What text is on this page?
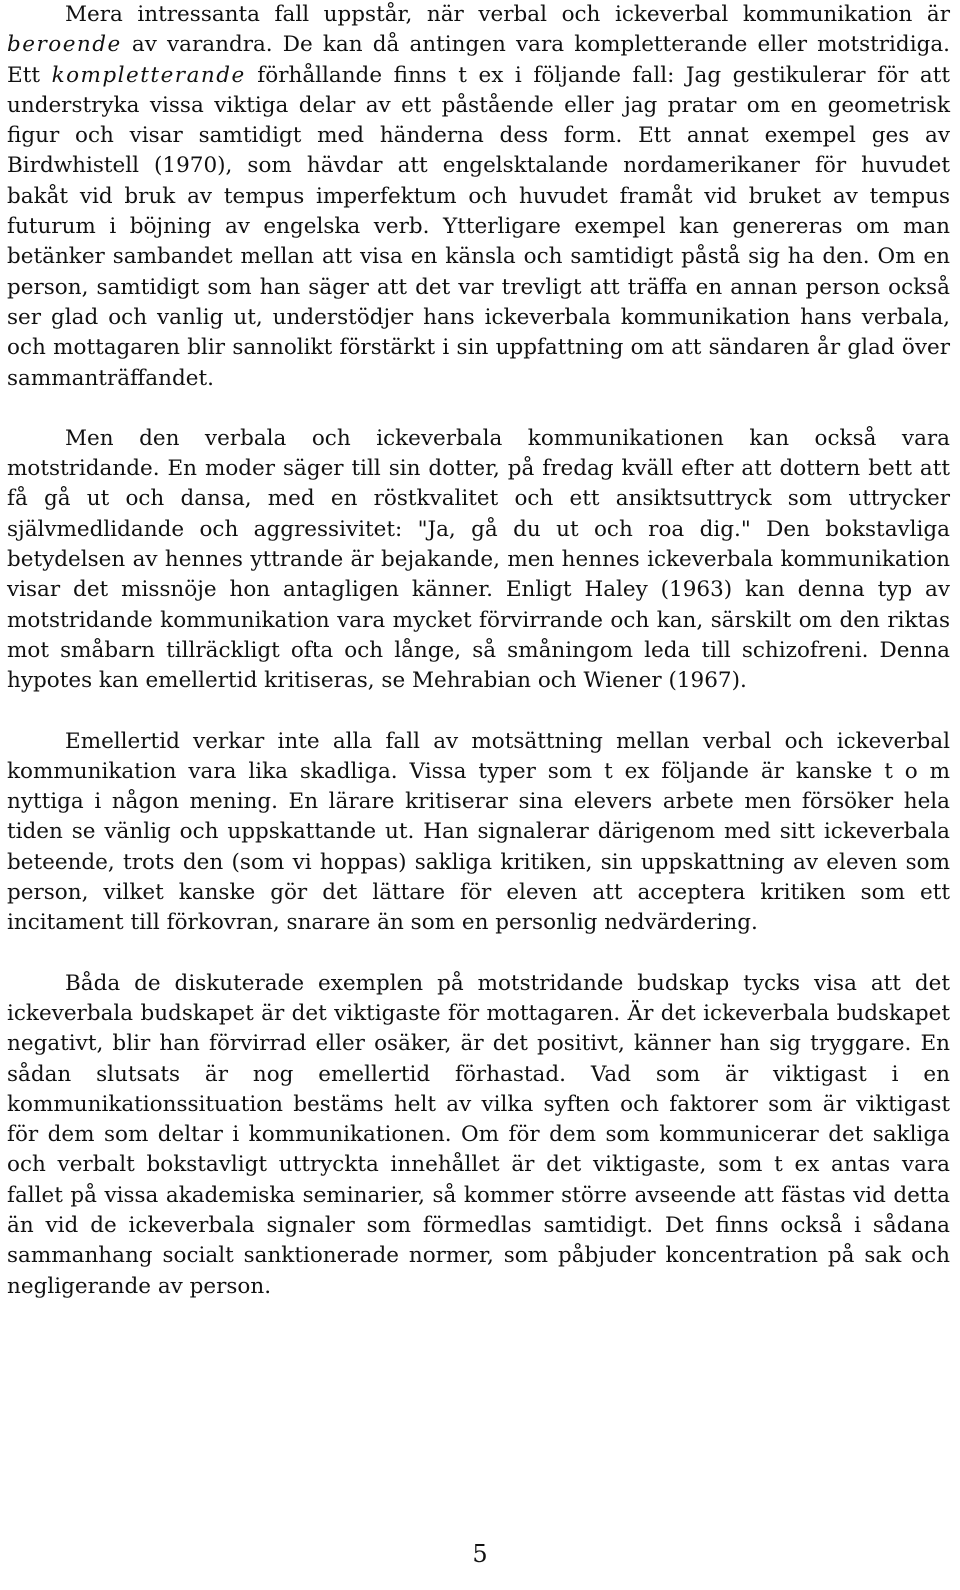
Mera intressanta fall uppstår, när verbal och ickeverbal kommunikation är beroende av varandra. De kan då antingen vara kompletterande eller motstridiga. Ett kompletterande förhållande finns t ex i följande fall: Jag gestikulerar för att understryka vissa viktiga delar av ett påstående eller jag pratar om en geometrisk figur och visar samtidigt med händerna dess form. Ett annat exempel ges av Birdwhistell (1970), som hävdar att engelsktalande nordamerikaner för huvudet bakåt vid bruk av tempus imperfektum och huvudet framåt vid bruket av tempus futurum i böjning av engelska verb. Ytterligare exempel kan genereras om man betänker sambandet mellan att visa en känsla och samtidigt påstå sig ha den. Om en person, samtidigt som han säger att det var trevligt att träffa en annan person också ser glad och vanlig ut, understödjer hans ickeverbala kommunikation hans verbala, och mottagaren blir sannolikt förstärkt i sin uppfattning om att sändaren år glad över sammanträffandet.

Men den verbala och ickeverbala kommunikationen kan också vara motstridande. En moder säger till sin dotter, på fredag kväll efter att dottern bett att få gå ut och dansa, med en röstkvalitet och ett ansiktsuttryck som uttrycker självmedlidande och aggressivitet: "Ja, gå du ut och roa dig." Den bokstavliga betydelsen av hennes yttrande är bejakande, men hennes ickeverbala kommunikation visar det missnöje hon antagligen känner. Enligt Haley (1963) kan denna typ av motstridande kommunikation vara mycket förvirrande och kan, särskilt om den riktas mot småbarn tillräckligt ofta och långe, så småningom leda till schizofreni. Denna hypotes kan emellertid kritiseras, se Mehrabian och Wiener (1967).

Emellertid verkar inte alla fall av motsättning mellan verbal och ickeverbal kommunikation vara lika skadliga. Vissa typer som t ex följande är kanske t o m nyttiga i någon mening. En lärare kritiserar sina elevers arbete men försöker hela tiden se vänlig och uppskattande ut. Han signalerar därigenom med sitt ickeverbala beteende, trots den (som vi hoppas) sakliga kritiken, sin uppskattning av eleven som person, vilket kanske gör det lättare för eleven att acceptera kritiken som ett incitament till förkovran, snarare än som en personlig nedvärdering.

Båda de diskuterade exemplen på motstridande budskap tycks visa att det ickeverbala budskapet är det viktigaste för mottagaren. Är det ickeverbala budskapet negativt, blir han förvirrad eller osäker, är det positivt, känner han sig tryggare. En sådan slutsats är nog emellertid förhastad. Vad som är viktigast i en kommunikationssituation bestäms helt av vilka syften och faktorer som är viktigast för dem som deltar i kommunikationen. Om för dem som kommunicerar det sakliga och verbalt bokstavligt uttryckta innehållet är det viktigaste, som t ex antas vara fallet på vissa akademiska seminarier, så kommer större avseende att fästas vid detta än vid de ickeverbala signaler som förmedlas samtidigt. Det finns också i sådana sammanhang socialt sanktionerade normer, som påbjuder koncentration på sak och negligerande av person.

5
